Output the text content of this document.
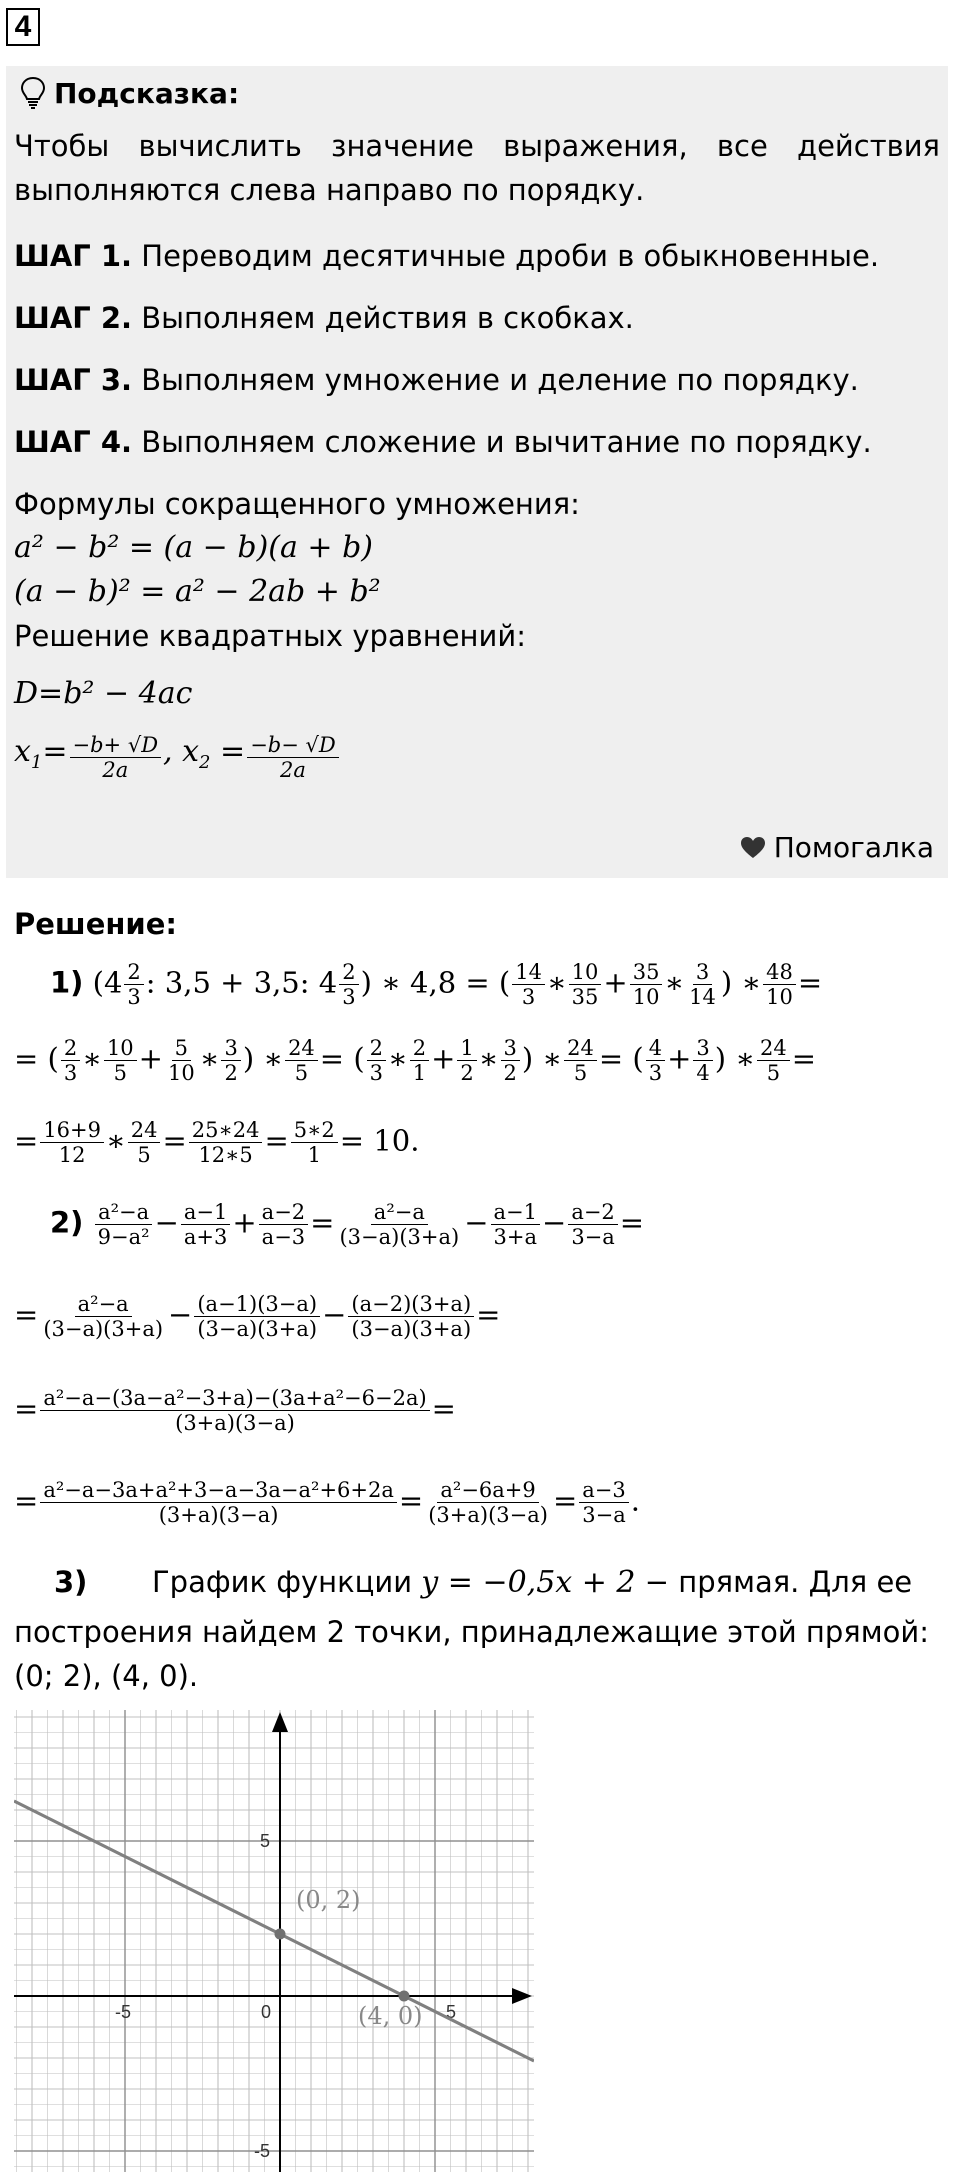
4
Подсказка:
Чтобы вычислить значение выражения, все действия выполняются слева направо по порядку.
ШАГ 1. Переводим десятичные дроби в обыкновенные.
ШАГ 2. Выполняем действия в скобках.
ШАГ 3. Выполняем умножение и деление по порядку.
ШАГ 4. Выполняем сложение и вычитание по порядку.
Формулы сокращенного умножения:
a² − b² = (a − b)(a + b)
(a − b)² = a² − 2ab + b²
Решение квадратных уравнений:
D=b² − 4ac
$x_1= \frac{-b+ √D}{2a}$ , $x_2 = \frac{-b- √D}{2a}$
Помогалка
Решение:
1) ($4 \frac{2}{3}$ : 3,5 + 3,5: $4 \frac{2}{3}$ ) ∗ 4,8 = ( $\frac{14}{3}$ ∗ $\frac{10}{35} + \frac{35}{10}$ ∗ $\frac{3}{14}$ ) ∗ $\frac{48}{10}$ =
= ( $\frac{2}{3}$ ∗ $\frac{10}{5} + \frac{5}{10}$ ∗ $\frac{3}{2}$ ) ∗ $\frac{24}{5}$ = ( $\frac{2}{3}$ ∗ $\frac{2}{1} + \frac{1}{2}$ ∗ $\frac{3}{2}$ ) ∗ $\frac{24}{5}$ = ( $\frac{4}{3} + \frac{3}{4}$ ) ∗ $\frac{24}{5}$ =
= $\frac{16+9}{12}$ ∗ $\frac{24}{5} = \frac{25∗24}{12∗5} = \frac{5∗2}{1} = 10$.
$2) \frac{\text{a²−a}}{\text{9−a²}} - \frac{a-1}{a+3} + \frac{a-2}{a-3} = \frac{\text{a²−a}}{(3-a)(3+a)} - \frac{a-1}{3+a} - \frac{a-2}{3-a}$ =
= $\frac{\text{a²−a}}{(3-a)(3+a)} - \frac{(a-1)(3-a)}{(3-a)(3+a)} - \frac{(a-2)(3+a)}{(3-a)(3+a)}$ =
= $\frac{\text{a²−a−(3a−a²−3+a)−(3a+a²−6−2a)}}{(3+a)(3-a)}$ =
= $\frac{\text{a²−a−3a+a²+3−a−3a−a²+6+2a}}{(3+a)(3-a)} = \frac{\text{a²−6a+9}}{(3+a)(3-a)} = \frac{a-3}{3-a}$ .
3) График функции y = −0,5x + 2 − прямая. Для ее
построения найдем 2 точки, принадлежащие этой прямой:
(0; 2), (4, 0).
-5	0	5
5
-5
(0, 2)
(4, 0)
